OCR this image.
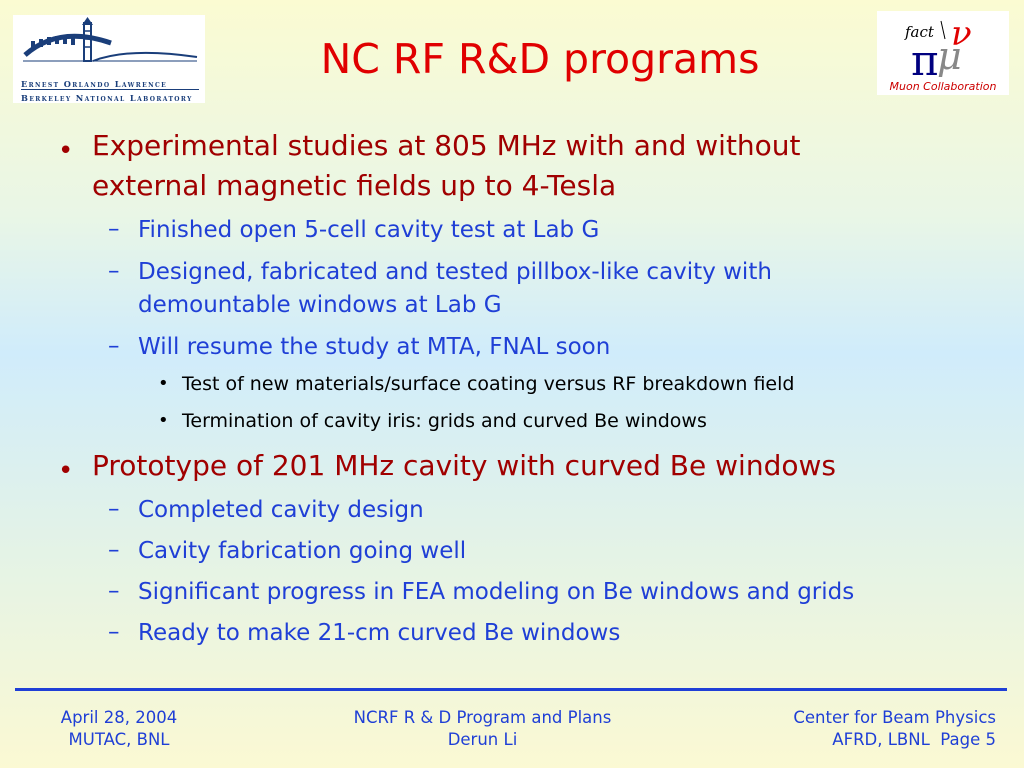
Ernest Orlando Lawrence
Berkeley National Laboratory
fact
π
μ
ν
Muon Collaboration
NC RF R&D programs
• Experimental studies at 805 MHz with and without
external magnetic fields up to 4-Tesla
– Finished open 5-cell cavity test at Lab G
– Designed, fabricated and tested pillbox-like cavity with
demountable windows at Lab G
– Will resume the study at MTA, FNAL soon
• Test of new materials/surface coating versus RF breakdown field
• Termination of cavity iris: grids and curved Be windows
• Prototype of 201 MHz cavity with curved Be windows
– Completed cavity design
– Cavity fabrication going well
– Significant progress in FEA modeling on Be windows and grids
– Ready to make 21-cm curved Be windows
April 28, 2004
MUTAC, BNL
NCRF R & D Program and Plans
Derun Li
Center for Beam Physics
AFRD, LBNL Page 5
